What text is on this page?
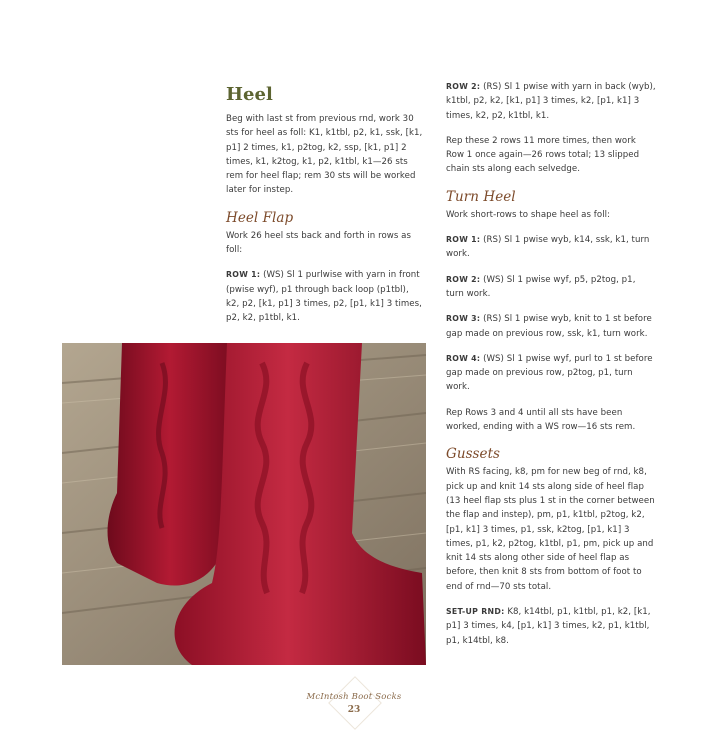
Heel

Beg with last st from previous rnd, work 30 sts for heel as foll: K1, k1tbl, p2, k1, ssk, [k1, p1] 2 times, k1, p2tog, k2, ssp, [k1, p1] 2 times, k1, k2tog, k1, p2, k1tbl, k1—26 sts rem for heel flap; rem 30 sts will be worked later for instep.

Heel Flap

Work 26 heel sts back and forth in rows as foll:

ROW 1: (WS) Sl 1 purlwise with yarn in front (pwise wyf), p1 through back loop (p1tbl), k2, p2, [k1, p1] 3 times, p2, [p1, k1] 3 times, p2, k2, p1tbl, k1.

ROW 2: (RS) Sl 1 pwise with yarn in back (wyb), k1tbl, p2, k2, [k1, p1] 3 times, k2, [p1, k1] 3 times, k2, p2, k1tbl, k1.

Rep these 2 rows 11 more times, then work Row 1 once again—26 rows total; 13 slipped chain sts along each selvedge.

Turn Heel

Work short-rows to shape heel as foll:

ROW 1: (RS) Sl 1 pwise wyb, k14, ssk, k1, turn work.

ROW 2: (WS) Sl 1 pwise wyf, p5, p2tog, p1, turn work.

ROW 3: (RS) Sl 1 pwise wyb, knit to 1 st before gap made on previous row, ssk, k1, turn work.

ROW 4: (WS) Sl 1 pwise wyf, purl to 1 st before gap made on previous row, p2tog, p1, turn work.

Rep Rows 3 and 4 until all sts have been worked, ending with a WS row—16 sts rem.

Gussets

With RS facing, k8, pm for new beg of rnd, k8, pick up and knit 14 sts along side of heel flap (13 heel flap sts plus 1 st in the corner between the flap and instep), pm, p1, k1tbl, p2tog, k2, [p1, k1] 3 times, p1, ssk, k2tog, [p1, k1] 3 times, p1, k2, p2tog, k1tbl, p1, pm, pick up and knit 14 sts along other side of heel flap as before, then knit 8 sts from bottom of foot to end of rnd—70 sts total.

SET-UP RND: K8, k14tbl, p1, k1tbl, p1, k2, [k1, p1] 3 times, k4, [p1, k1] 3 times, k2, p1, k1tbl, p1, k14tbl, k8.

McIntosh Boot Socks
23
